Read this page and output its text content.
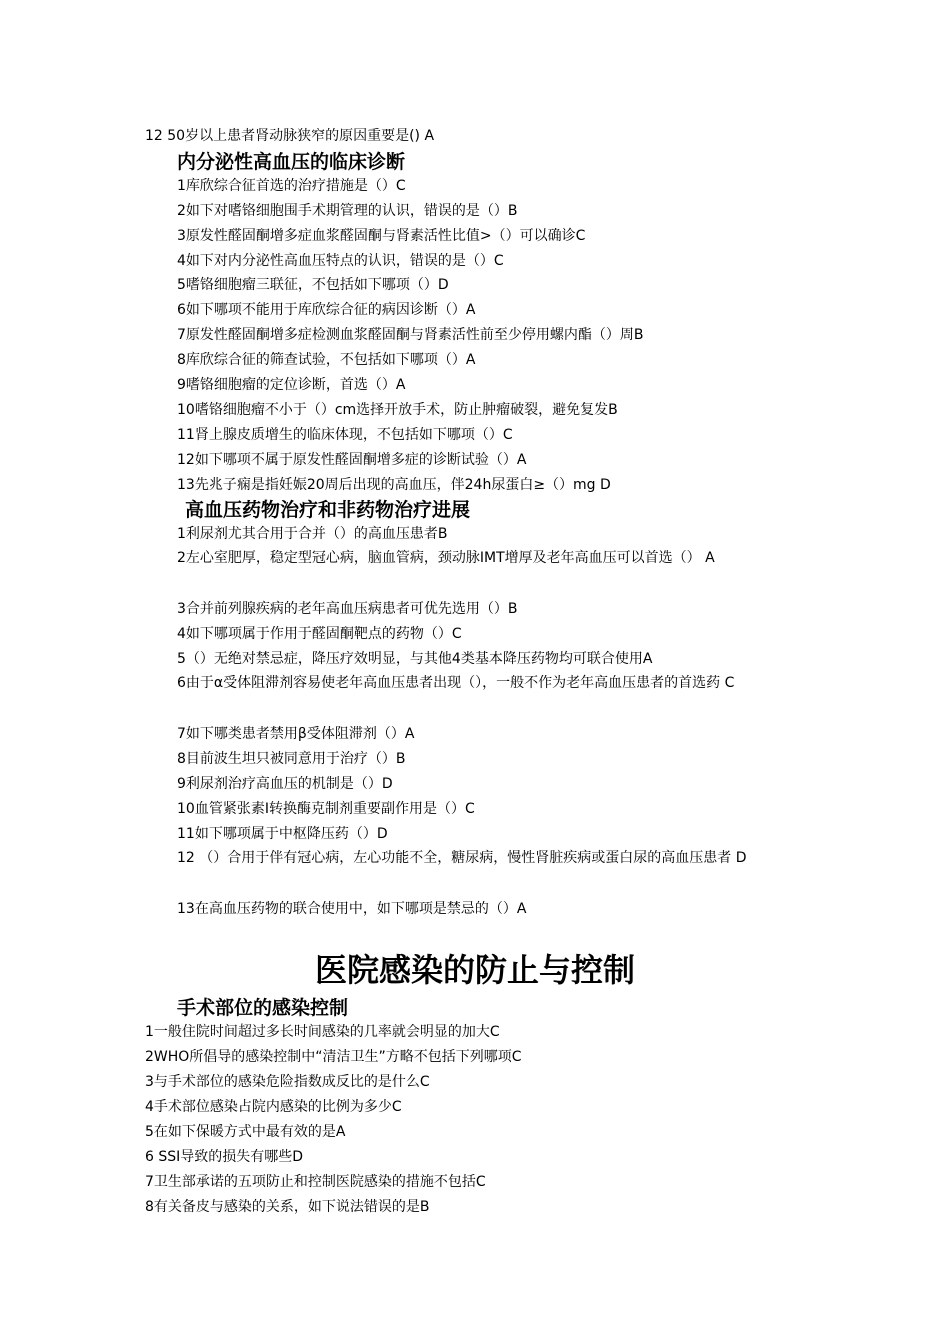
12 50岁以上患者肾动脉狭窄的原因重要是() A
内分泌性高血压的临床诊断
1库欣综合征首选的治疗措施是（）C
2如下对嗜铬细胞围手术期管理的认识，错误的是（）B
3原发性醛固酮增多症血浆醛固酮与肾素活性比值>（）可以确诊C
4如下对内分泌性高血压特点的认识，错误的是（）C
5嗜铬细胞瘤三联征，不包括如下哪项（）D
6如下哪项不能用于库欣综合征的病因诊断（）A
7原发性醛固酮增多症检测血浆醛固酮与肾素活性前至少停用螺内酯（）周B
8库欣综合征的筛查试验，不包括如下哪项（）A
9嗜铬细胞瘤的定位诊断，首选（）A
10嗜铬细胞瘤不小于（）cm选择开放手术，防止肿瘤破裂，避免复发B
11肾上腺皮质增生的临床体现，不包括如下哪项（）C
12如下哪项不属于原发性醛固酮增多症的诊断试验（）A
13先兆子痫是指妊娠20周后出现的高血压，伴24h尿蛋白≥（）mg D
高血压药物治疗和非药物治疗进展
1利尿剂尤其合用于合并（）的高血压患者B
2左心室肥厚，稳定型冠心病，脑血管病，颈动脉IMT增厚及老年高血压可以首选（） A
3合并前列腺疾病的老年高血压病患者可优先选用（）B
4如下哪项属于作用于醛固酮靶点的药物（）C
5（）无绝对禁忌症，降压疗效明显，与其他4类基本降压药物均可联合使用A
6由于α受体阻滞剂容易使老年高血压患者出现（），一般不作为老年高血压患者的首选药 C
7如下哪类患者禁用β受体阻滞剂（）A
8目前波生坦只被同意用于治疗（）B
9利尿剂治疗高血压的机制是（）D
10血管紧张素I转换酶克制剂重要副作用是（）C
11如下哪项属于中枢降压药（）D
12 （）合用于伴有冠心病，左心功能不全，糖尿病，慢性肾脏疾病或蛋白尿的高血压患者 D
13在高血压药物的联合使用中，如下哪项是禁忌的（）A
医院感染的防止与控制
手术部位的感染控制
1一般住院时间超过多长时间感染的几率就会明显的加大C
2WHO所倡导的感染控制中“清洁卫生”方略不包括下列哪项C
3与手术部位的感染危险指数成反比的是什么C
4手术部位感染占院内感染的比例为多少C
5在如下保暖方式中最有效的是A
6 SSI导致的损失有哪些D
7卫生部承诺的五项防止和控制医院感染的措施不包括C
8有关备皮与感染的关系，如下说法错误的是B
